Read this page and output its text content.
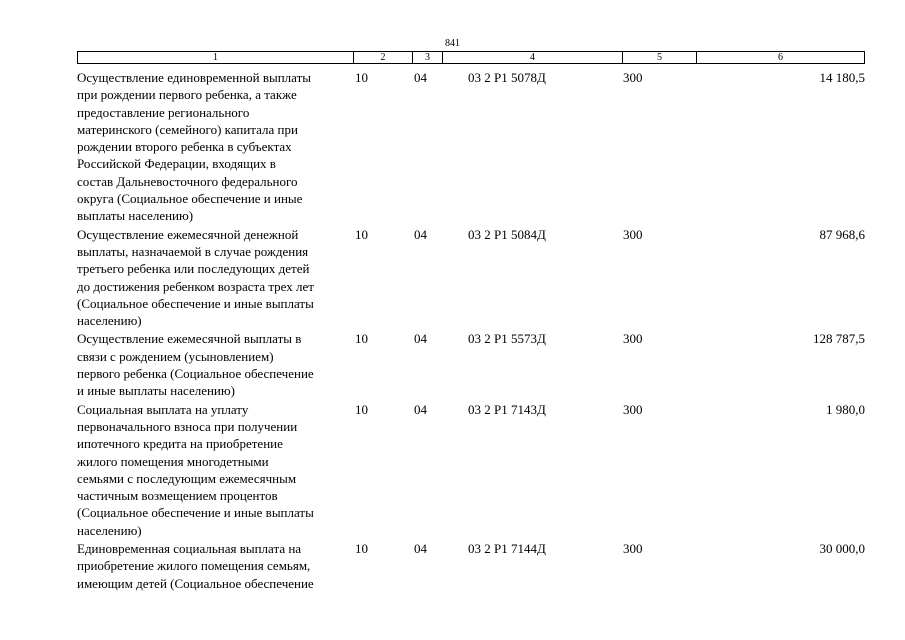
841
1	2	3	4	5	6
Осуществление единовременной выплаты
при рождении первого ребенка, а также
предоставление регионального
материнского (семейного) капитала при
рождении второго ребенка в субъектах
Российской Федерации, входящих в
состав Дальневосточного федерального
округа (Социальное обеспечение и иные
выплаты населению)
10	04	03 2 P1 5078Д	300	14 180,5
Осуществление ежемесячной денежной
выплаты, назначаемой в случае рождения
третьего ребенка или последующих детей
до достижения ребенком возраста трех лет
(Социальное обеспечение и иные выплаты
населению)
10	04	03 2 P1 5084Д	300	87 968,6
Осуществление ежемесячной выплаты в
связи с рождением (усыновлением)
первого ребенка (Социальное обеспечение
и иные выплаты населению)
10	04	03 2 P1 5573Д	300	128 787,5
Социальная выплата на уплату
первоначального взноса при получении
ипотечного кредита на приобретение
жилого помещения многодетными
семьями с последующим ежемесячным
частичным возмещением процентов
(Социальное обеспечение и иные выплаты
населению)
10	04	03 2 P1 7143Д	300	1 980,0
Единовременная социальная выплата на
приобретение жилого помещения семьям,
имеющим детей (Социальное обеспечение
10	04	03 2 P1 7144Д	300	30 000,0
